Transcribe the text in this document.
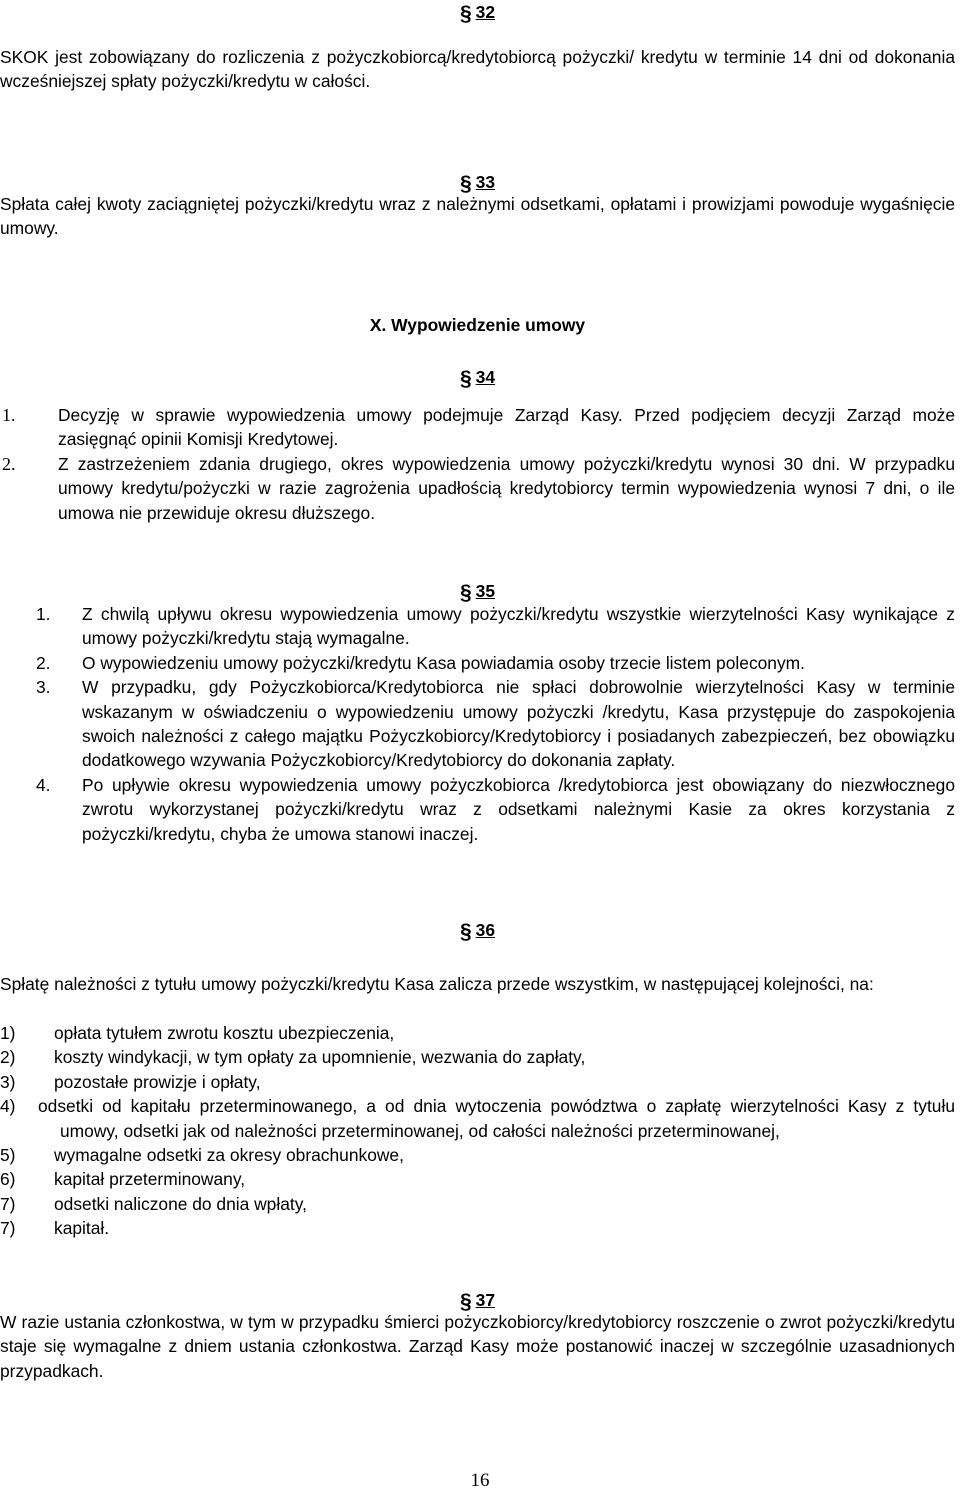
§ 32

SKOK jest zobowiązany do rozliczenia z pożyczkobiorcą/kredytobiorcą pożyczki/ kredytu w terminie 14 dni od dokonania wcześniejszej spłaty pożyczki/kredytu w całości.

§ 33

Spłata całej kwoty zaciągniętej pożyczki/kredytu wraz z należnymi odsetkami, opłatami i prowizjami powoduje wygaśnięcie umowy.

X. Wypowiedzenie umowy
§ 34
1. Decyzję w sprawie wypowiedzenia umowy podejmuje Zarząd Kasy. Przed podjęciem decyzji Zarząd może zasięgnąć opinii Komisji Kredytowej.
2. Z zastrzeżeniem zdania drugiego, okres wypowiedzenia umowy pożyczki/kredytu wynosi 30 dni. W przypadku umowy kredytu/pożyczki w razie zagrożenia upadłością kredytobiorcy termin wypowiedzenia wynosi 7 dni, o ile umowa nie przewiduje okresu dłuższego.
§ 35
1. Z chwilą upływu okresu wypowiedzenia umowy pożyczki/kredytu wszystkie wierzytelności Kasy wynikające z umowy pożyczki/kredytu stają wymagalne.
2. O wypowiedzeniu umowy pożyczki/kredytu Kasa powiadamia osoby trzecie listem poleconym.
3. W przypadku, gdy Pożyczkobiorca/Kredytobiorca nie spłaci dobrowolnie wierzytelności Kasy w terminie wskazanym w oświadczeniu o wypowiedzeniu umowy pożyczki /kredytu, Kasa przystępuje do zaspokojenia swoich należności z całego majątku Pożyczkobiorcy/Kredytobiorcy i posiadanych zabezpieczeń, bez obowiązku dodatkowego wzywania Pożyczkobiorcy/Kredytobiorcy do dokonania zapłaty.
4. Po upływie okresu wypowiedzenia umowy pożyczkobiorca /kredytobiorca jest obowiązany do niezwłocznego zwrotu wykorzystanej pożyczki/kredytu wraz z odsetkami należnymi Kasie za okres korzystania z pożyczki/kredytu, chyba że umowa stanowi inaczej.
§ 36

Spłatę należności z tytułu umowy pożyczki/kredytu Kasa zalicza przede wszystkim, w następującej kolejności, na:

1) opłata tytułem zwrotu kosztu ubezpieczenia,
2) koszty windykacji, w tym opłaty za upomnienie, wezwania do zapłaty,
3) pozostałe prowizje i opłaty,
4) odsetki od kapitału przeterminowanego, a od dnia wytoczenia powództwa o zapłatę wierzytelności Kasy z tytułu umowy, odsetki jak od należności przeterminowanej, od całości należności przeterminowanej,
5) wymagalne odsetki za okresy obrachunkowe,
6) kapitał przeterminowany,
7) odsetki naliczone do dnia wpłaty,
7) kapitał.
§ 37

W razie ustania członkostwa, w tym w przypadku śmierci pożyczkobiorcy/kredytobiorcy roszczenie o zwrot pożyczki/kredytu staje się wymagalne z dniem ustania członkostwa. Zarząd Kasy może postanowić inaczej w szczególnie uzasadnionych przypadkach.

16
